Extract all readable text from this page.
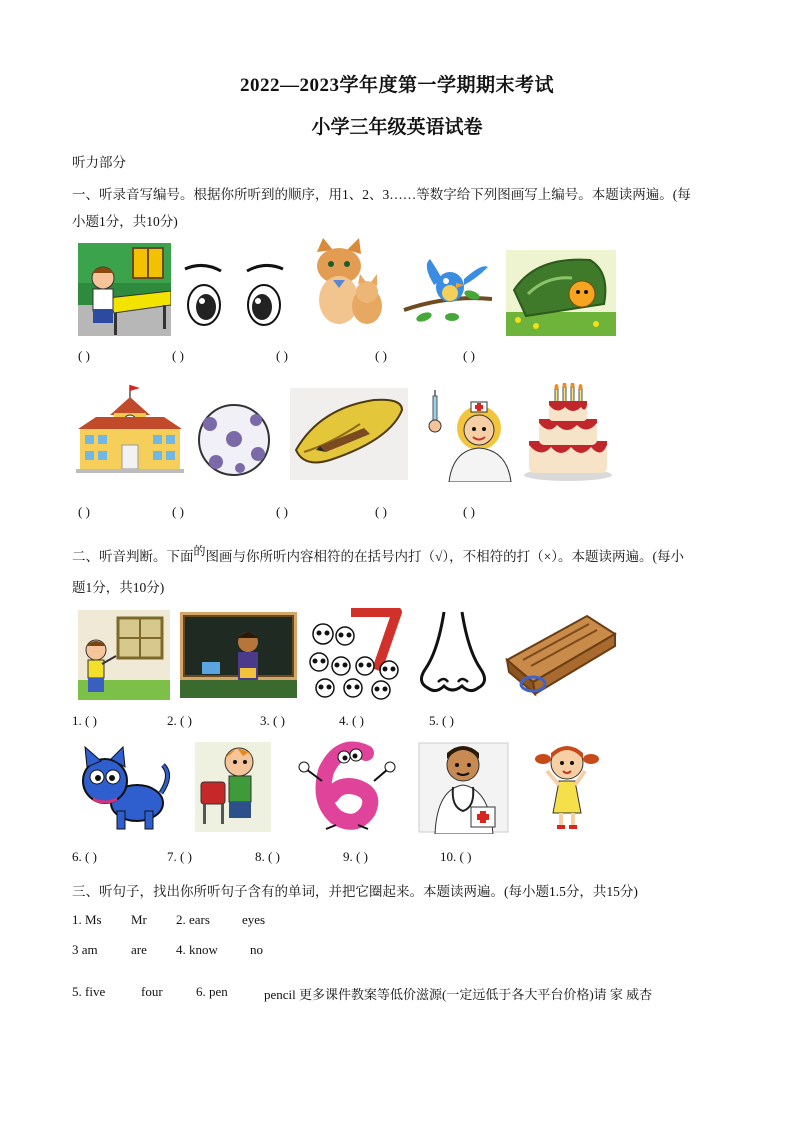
2022—2023学年度第一学期期末考试
小学三年级英语试卷
听力部分
一、听录音写编号。根据你所听到的顺序，用1、2、3……等数字给下列图画写上编号。本题读两遍。(每
小题1分，共10分)
( )	( )	( )	( )	( )
( )	( )	( )	( )	( )
二、听音判断。下面的图画与你所听内容相符的在括号内打（√），不相符的打（×）。本题读两遍。(每小
题1分，共10分)
1. ( )	2. ( )	3. ( )	4. ( )	5. ( )
6. ( )	7. ( )	8. ( )	9. ( )	10. ( )
三、听句子，找出你所听句子含有的单词，并把它圈起来。本题读两遍。(每小题1.5分，共15分)
1. Ms Mr 2. ears eyes
3 am	are 4. know no
5. five	four	6. pen	pencil 更多课件教案等低价滋源(一定远低于各大平台价格)请 家 威杏
